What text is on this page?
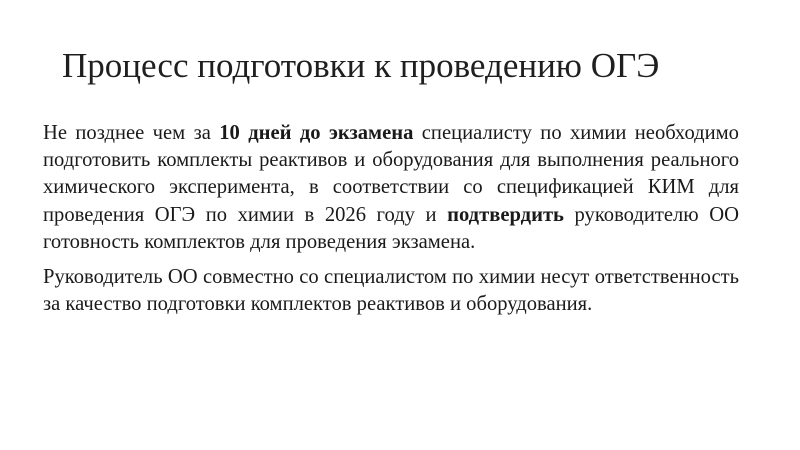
Процесс подготовки к проведению ОГЭ

Не позднее чем за 10 дней до экзамена специалисту по химии необходимо подготовить комплекты реактивов и оборудования для выполнения реального химического эксперимента, в соответствии со спецификацией КИМ для проведения ОГЭ по химии в 2026 году и подтвердить руководителю ОО готовность комплектов для проведения экзамена.

Руководитель ОО совместно со специалистом по химии несут ответственность за качество подготовки комплектов реактивов и оборудования.
